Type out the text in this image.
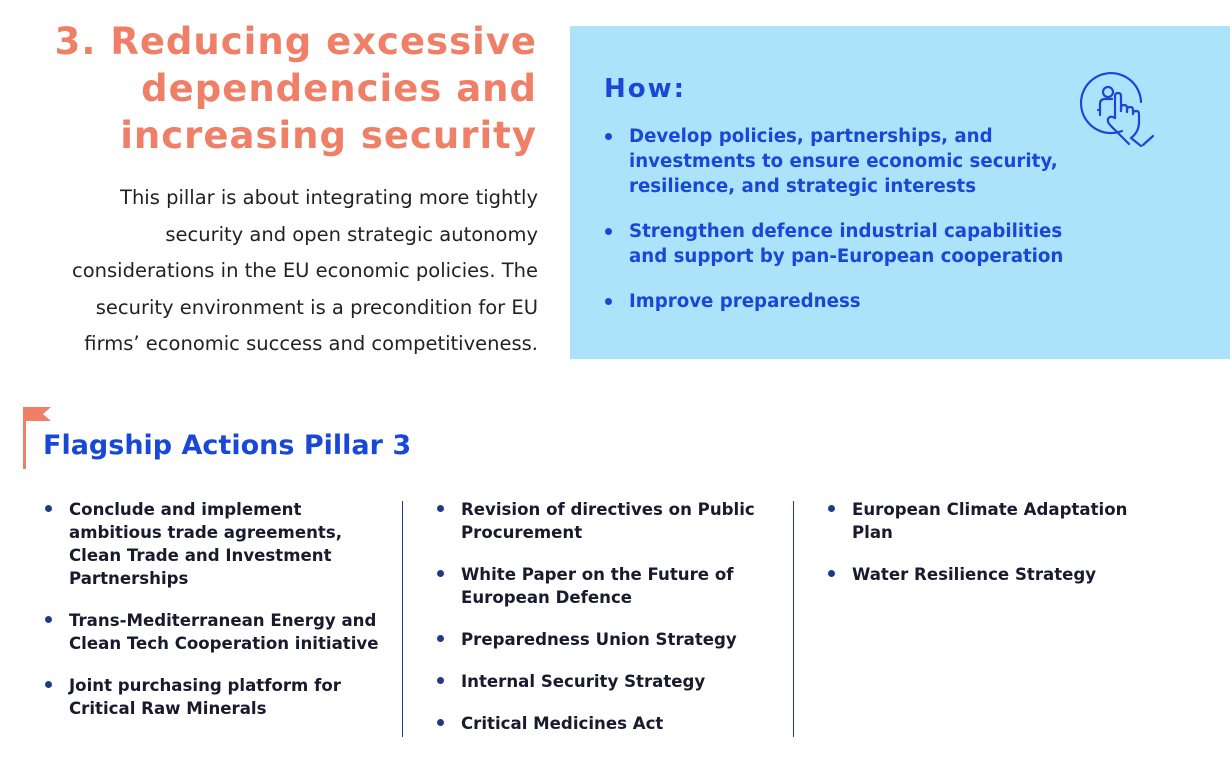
3. Reducing excessive
dependencies and
increasing security

This pillar is about integrating more tightly
security and open strategic autonomy
considerations in the EU economic policies. The
security environment is a precondition for EU
firms’ economic success and competitiveness.

How:
Develop policies, partnerships, and investments to ensure economic security, resilience, and strategic interests
Strengthen defence industrial capabilities and support by pan-European cooperation
Improve preparedness
Flagship Actions Pillar 3
Conclude and implement ambitious trade agreements, Clean Trade and Investment Partnerships
Trans-Mediterranean Energy and Clean Tech Cooperation initiative
Joint purchasing platform for Critical Raw Minerals
Revision of directives on Public Procurement
White Paper on the Future of European Defence
Preparedness Union Strategy
Internal Security Strategy
Critical Medicines Act
European Climate Adaptation Plan
Water Resilience Strategy
